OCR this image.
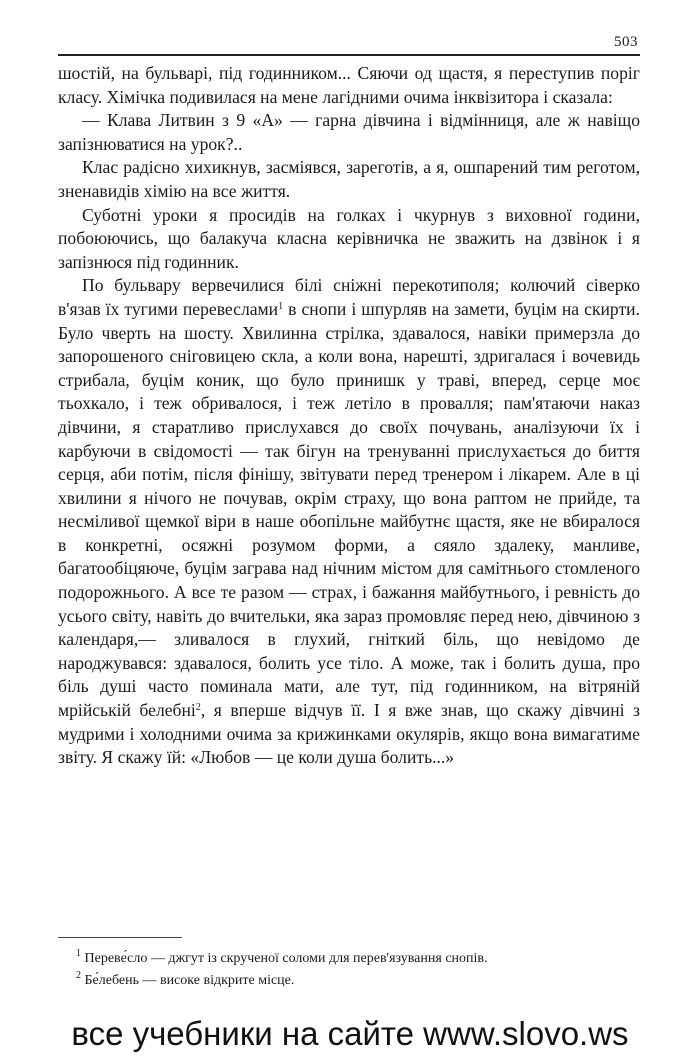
503

шостій, на бульварі, під годинником... Сяючи од щастя, я переступив поріг класу. Хімічка подивилася на мене лагідними очима інквізитора і сказала:

— Клава Литвин з 9 «А» — гарна дівчина і відмінниця, але ж навіщо запізнюватися на урок?..

Клас радісно хихикнув, засміявся, зареготів, а я, ошпарений тим реготом, зненавидів хімію на все життя.

Суботні уроки я просидів на голках і чкурнув з виховної години, побоюючись, що балакуча класна керівничка не зважить на дзвінок і я запізнюся під годинник.

По бульвару вервечилися білі сніжні перекотиполя; колючий сіверко в'язав їх тугими перевеслами$^1$ в снопи і шпурляв на замети, буцім на скирти. Було чверть на шосту. Хвилинна стрілка, здавалося, навіки примерзла до запорошеного сніговицею скла, а коли вона, нарешті, здригалася і вочевидь стрибала, буцім коник, що було принишк у траві, вперед, серце моє тьохкало, і теж обривалося, і теж летіло в провалля; пам'ятаючи наказ дівчини, я старатливо прислухався до своїх почувань, аналізуючи їх і карбуючи в свідомості — так бігун на тренуванні прислухається до биття серця, аби потім, після фінішу, звітувати перед тренером і лікарем. Але в ці хвилини я нічого не почував, окрім страху, що вона раптом не прийде, та несміливої щемкої віри в наше обопільне майбутнє щастя, яке не вбиралося в конкретні, осяжні розумом форми, а сяяло здалеку, манливе, багатообіцяюче, буцім заграва над нічним містом для самітнього стомленого подорожнього. А все те разом — страх, і бажання майбутнього, і ревність до усього світу, навіть до вчительки, яка зараз промовляє перед нею, дівчиною з календаря,— зливалося в глухий, гніткий біль, що невідомо де народжувався: здавалося, болить усе тіло. А може, так і болить душа, про біль душі часто поминала мати, але тут, під годинником, на вітряній мрійській белебні$^2$, я вперше відчув її. І я вже знав, що скажу дівчині з мудрими і холодними очима за крижинками окулярів, якщо вона вимагатиме звіту. Я скажу їй: «Любов — це коли душа болить...»

$^1$ Переве́сло — джгут із скрученої соломи для перев'язування снопів.
$^2$ Бе́лебень — високе відкрите місце.
все учебники на сайте www.slovo.ws
